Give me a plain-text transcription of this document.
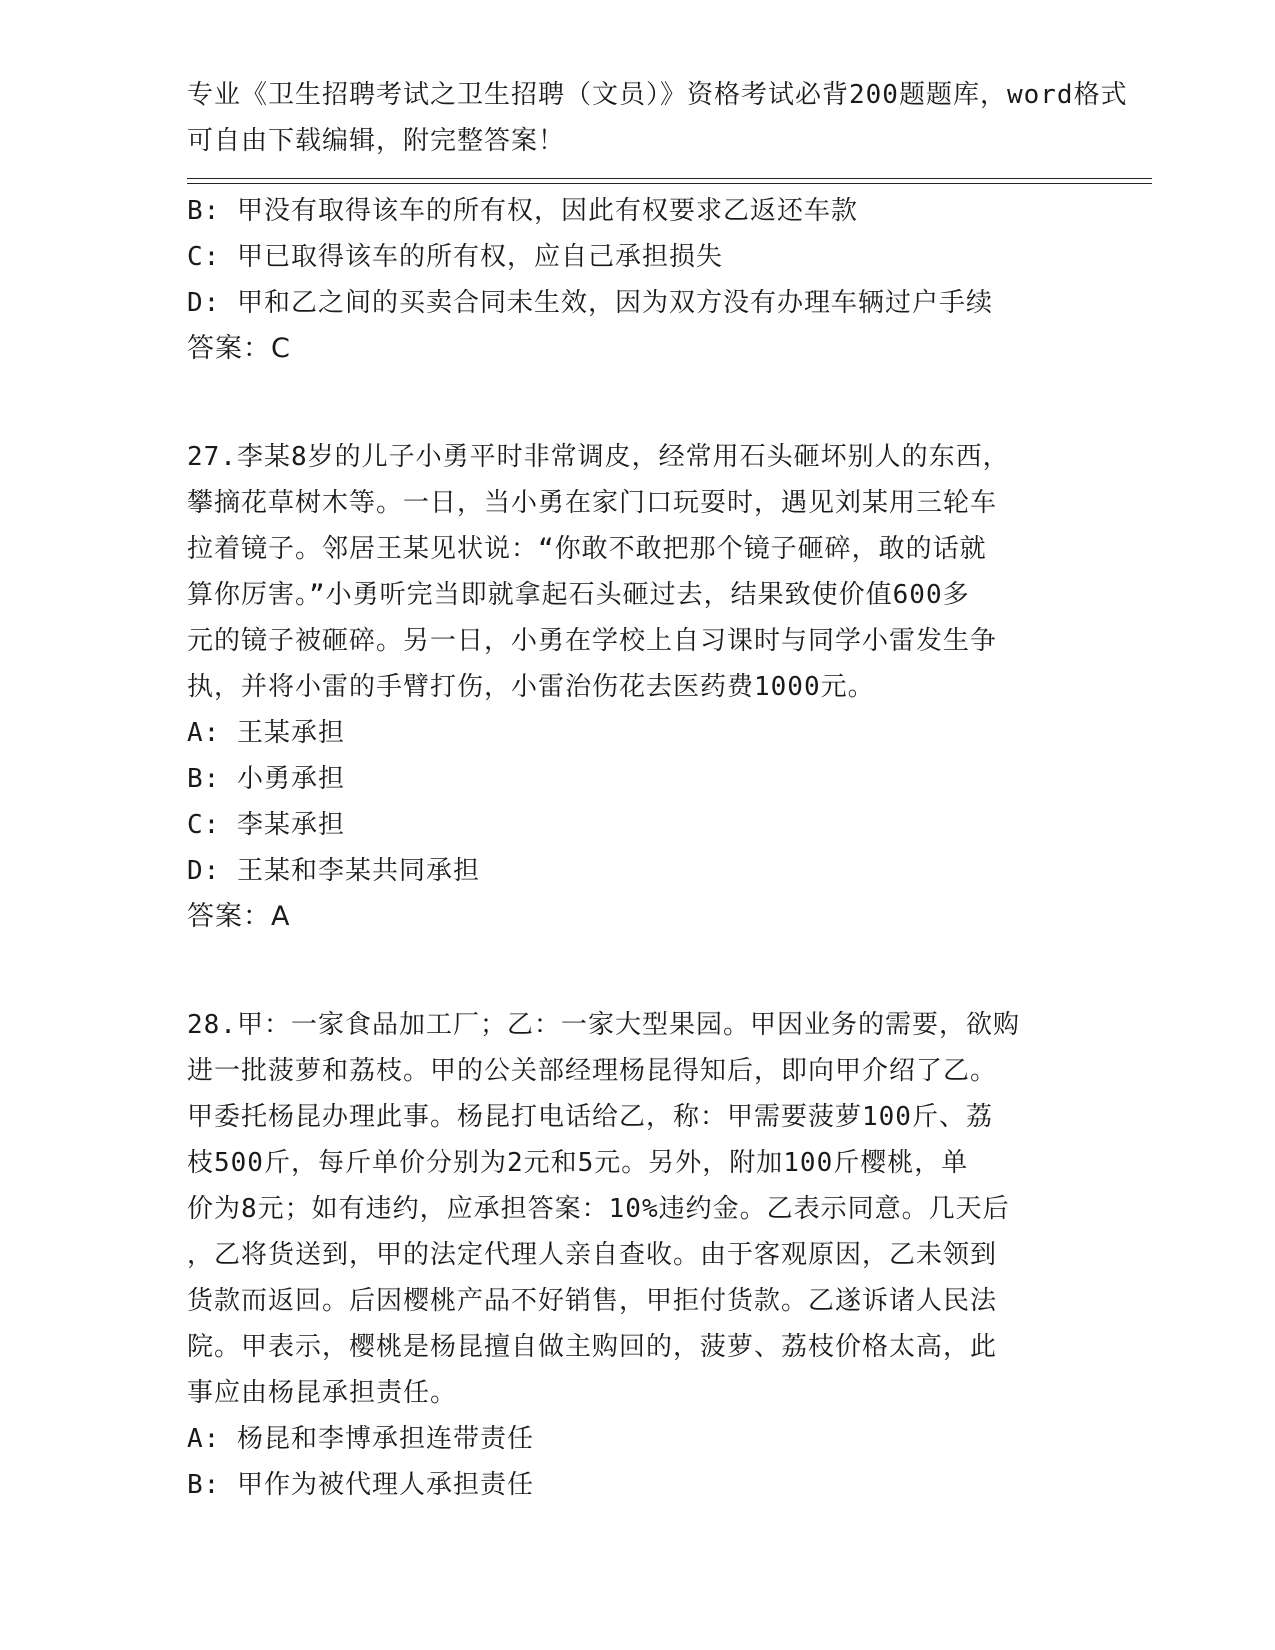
专业《卫生招聘考试之卫生招聘（文员）》资格考试必背200题题库，word格式
可自由下载编辑，附完整答案！
B: 甲没有取得该车的所有权，因此有权要求乙返还车款
C: 甲已取得该车的所有权，应自己承担损失
D: 甲和乙之间的买卖合同未生效，因为双方没有办理车辆过户手续
答案：C
27.李某8岁的儿子小勇平时非常调皮，经常用石头砸坏别人的东西，
攀摘花草树木等。一日，当小勇在家门口玩耍时，遇见刘某用三轮车
拉着镜子。邻居王某见状说：“你敢不敢把那个镜子砸碎，敢的话就
算你厉害。”小勇听完当即就拿起石头砸过去，结果致使价值600多
元的镜子被砸碎。另一日，小勇在学校上自习课时与同学小雷发生争
执，并将小雷的手臂打伤，小雷治伤花去医药费1000元。
A: 王某承担
B: 小勇承担
C: 李某承担
D: 王某和李某共同承担
答案：A
28.甲：一家食品加工厂；乙：一家大型果园。甲因业务的需要，欲购
进一批菠萝和荔枝。甲的公关部经理杨昆得知后，即向甲介绍了乙。
甲委托杨昆办理此事。杨昆打电话给乙，称：甲需要菠萝100斤、荔
枝500斤，每斤单价分别为2元和5元。另外，附加100斤樱桃，单
价为8元；如有违约，应承担答案：10%违约金。乙表示同意。几天后
，乙将货送到，甲的法定代理人亲自查收。由于客观原因，乙未领到
货款而返回。后因樱桃产品不好销售，甲拒付货款。乙遂诉诸人民法
院。甲表示，樱桃是杨昆擅自做主购回的，菠萝、荔枝价格太高，此
事应由杨昆承担责任。
A: 杨昆和李博承担连带责任
B: 甲作为被代理人承担责任
